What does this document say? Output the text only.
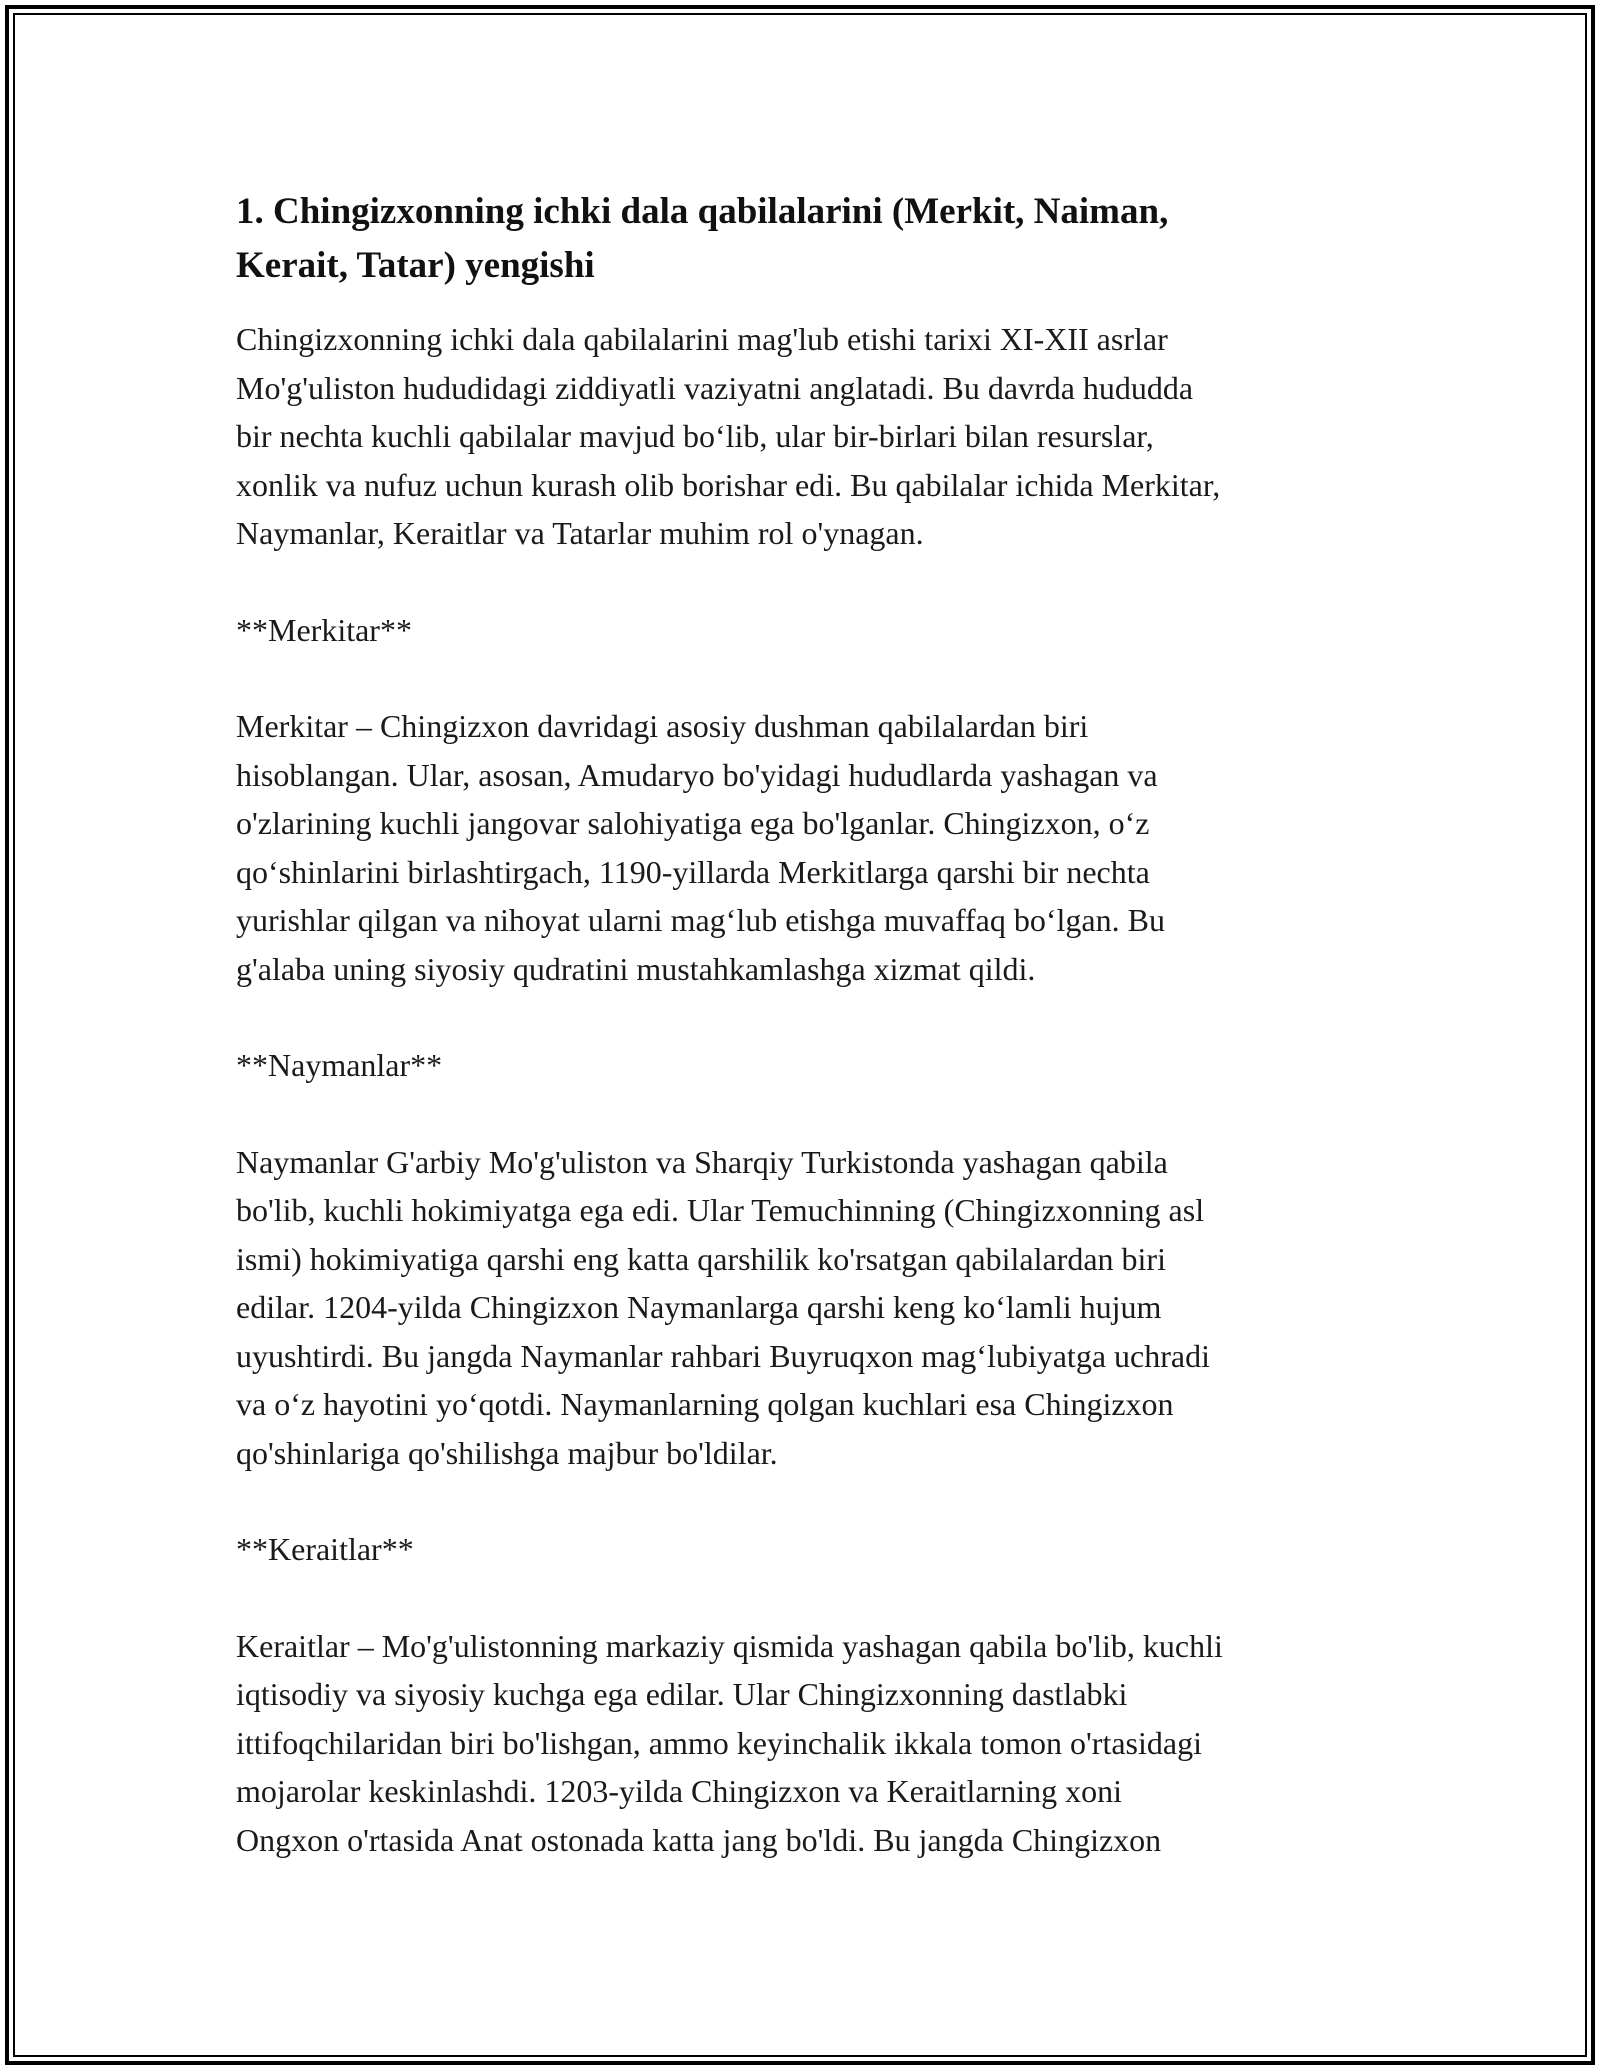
1. Chingizxonning ichki dala qabilalarini (Merkit, Naiman,
Kerait, Tatar) yengishi

Chingizxonning ichki dala qabilalarini mag'lub etishi tarixi XI-XII asrlar
Mo'g'uliston hududidagi ziddiyatli vaziyatni anglatadi. Bu davrda hududda
bir nechta kuchli qabilalar mavjud bo‘lib, ular bir-birlari bilan resurslar,
xonlik va nufuz uchun kurash olib borishar edi. Bu qabilalar ichida Merkitar,
Naymanlar, Keraitlar va Tatarlar muhim rol o'ynagan.

**Merkitar**

Merkitar – Chingizxon davridagi asosiy dushman qabilalardan biri
hisoblangan. Ular, asosan, Amudaryo bo'yidagi hududlarda yashagan va
o'zlarining kuchli jangovar salohiyatiga ega bo'lganlar. Chingizxon, o‘z
qo‘shinlarini birlashtirgach, 1190-yillarda Merkitlarga qarshi bir nechta
yurishlar qilgan va nihoyat ularni mag‘lub etishga muvaffaq bo‘lgan. Bu
g'alaba uning siyosiy qudratini mustahkamlashga xizmat qildi.

**Naymanlar**

Naymanlar G'arbiy Mo'g'uliston va Sharqiy Turkistonda yashagan qabila
bo'lib, kuchli hokimiyatga ega edi. Ular Temuchinning (Chingizxonning asl
ismi) hokimiyatiga qarshi eng katta qarshilik ko'rsatgan qabilalardan biri
edilar. 1204-yilda Chingizxon Naymanlarga qarshi keng ko‘lamli hujum
uyushtirdi. Bu jangda Naymanlar rahbari Buyruqxon mag‘lubiyatga uchradi
va o‘z hayotini yo‘qotdi. Naymanlarning qolgan kuchlari esa Chingizxon
qo'shinlariga qo'shilishga majbur bo'ldilar.

**Keraitlar**

Keraitlar – Mo'g'ulistonning markaziy qismida yashagan qabila bo'lib, kuchli
iqtisodiy va siyosiy kuchga ega edilar. Ular Chingizxonning dastlabki
ittifoqchilaridan biri bo'lishgan, ammo keyinchalik ikkala tomon o'rtasidagi
mojarolar keskinlashdi. 1203-yilda Chingizxon va Keraitlarning xoni
Ongxon o'rtasida Anat ostonada katta jang bo'ldi. Bu jangda Chingizxon
